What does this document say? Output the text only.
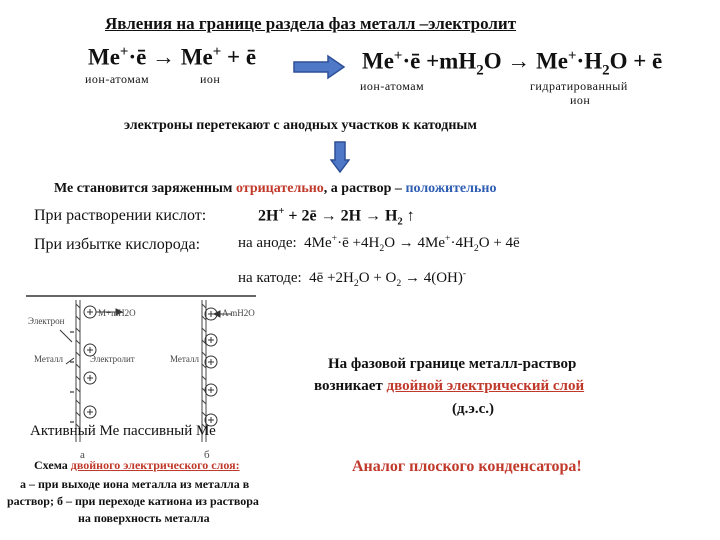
Явления на границе раздела фаз металл –электролит
Me+·ē → Me+ + ē
ион-атомам	ион
Me+·ē $+mH_2O \to Me^+\cdot H_2O$ + ē
ион-атомам	гидратированный
ион
электроны перетекают с анодных участков к катодным
Ме становится заряженным отрицательно, а раствор – положительно
При растворении кислот:	2H+ + 2ē → $2H \to H_2$ ↑
При избытке кислорода:	на аноде:  4Me+·ē $+4H_2O \to 4Me^+\cdot 4H_2O$ + 4ē
на катоде:  4ē $+2H_2O + O_2 \to 4(OH)^-$
Электрон
Металл	Электролит	Металл
M+mH2O	A mH2O
а	б
Активный Ме пассивный Ме
Схема двойного электрического слоя:
а – при выходе иона металла из металла в
раствор; б – при переходе катиона из раствора
на поверхность металла
На фазовой границе металл-раствор
возникает двойной электрический слой
(д.э.с.)
Аналог плоского конденсатора!
